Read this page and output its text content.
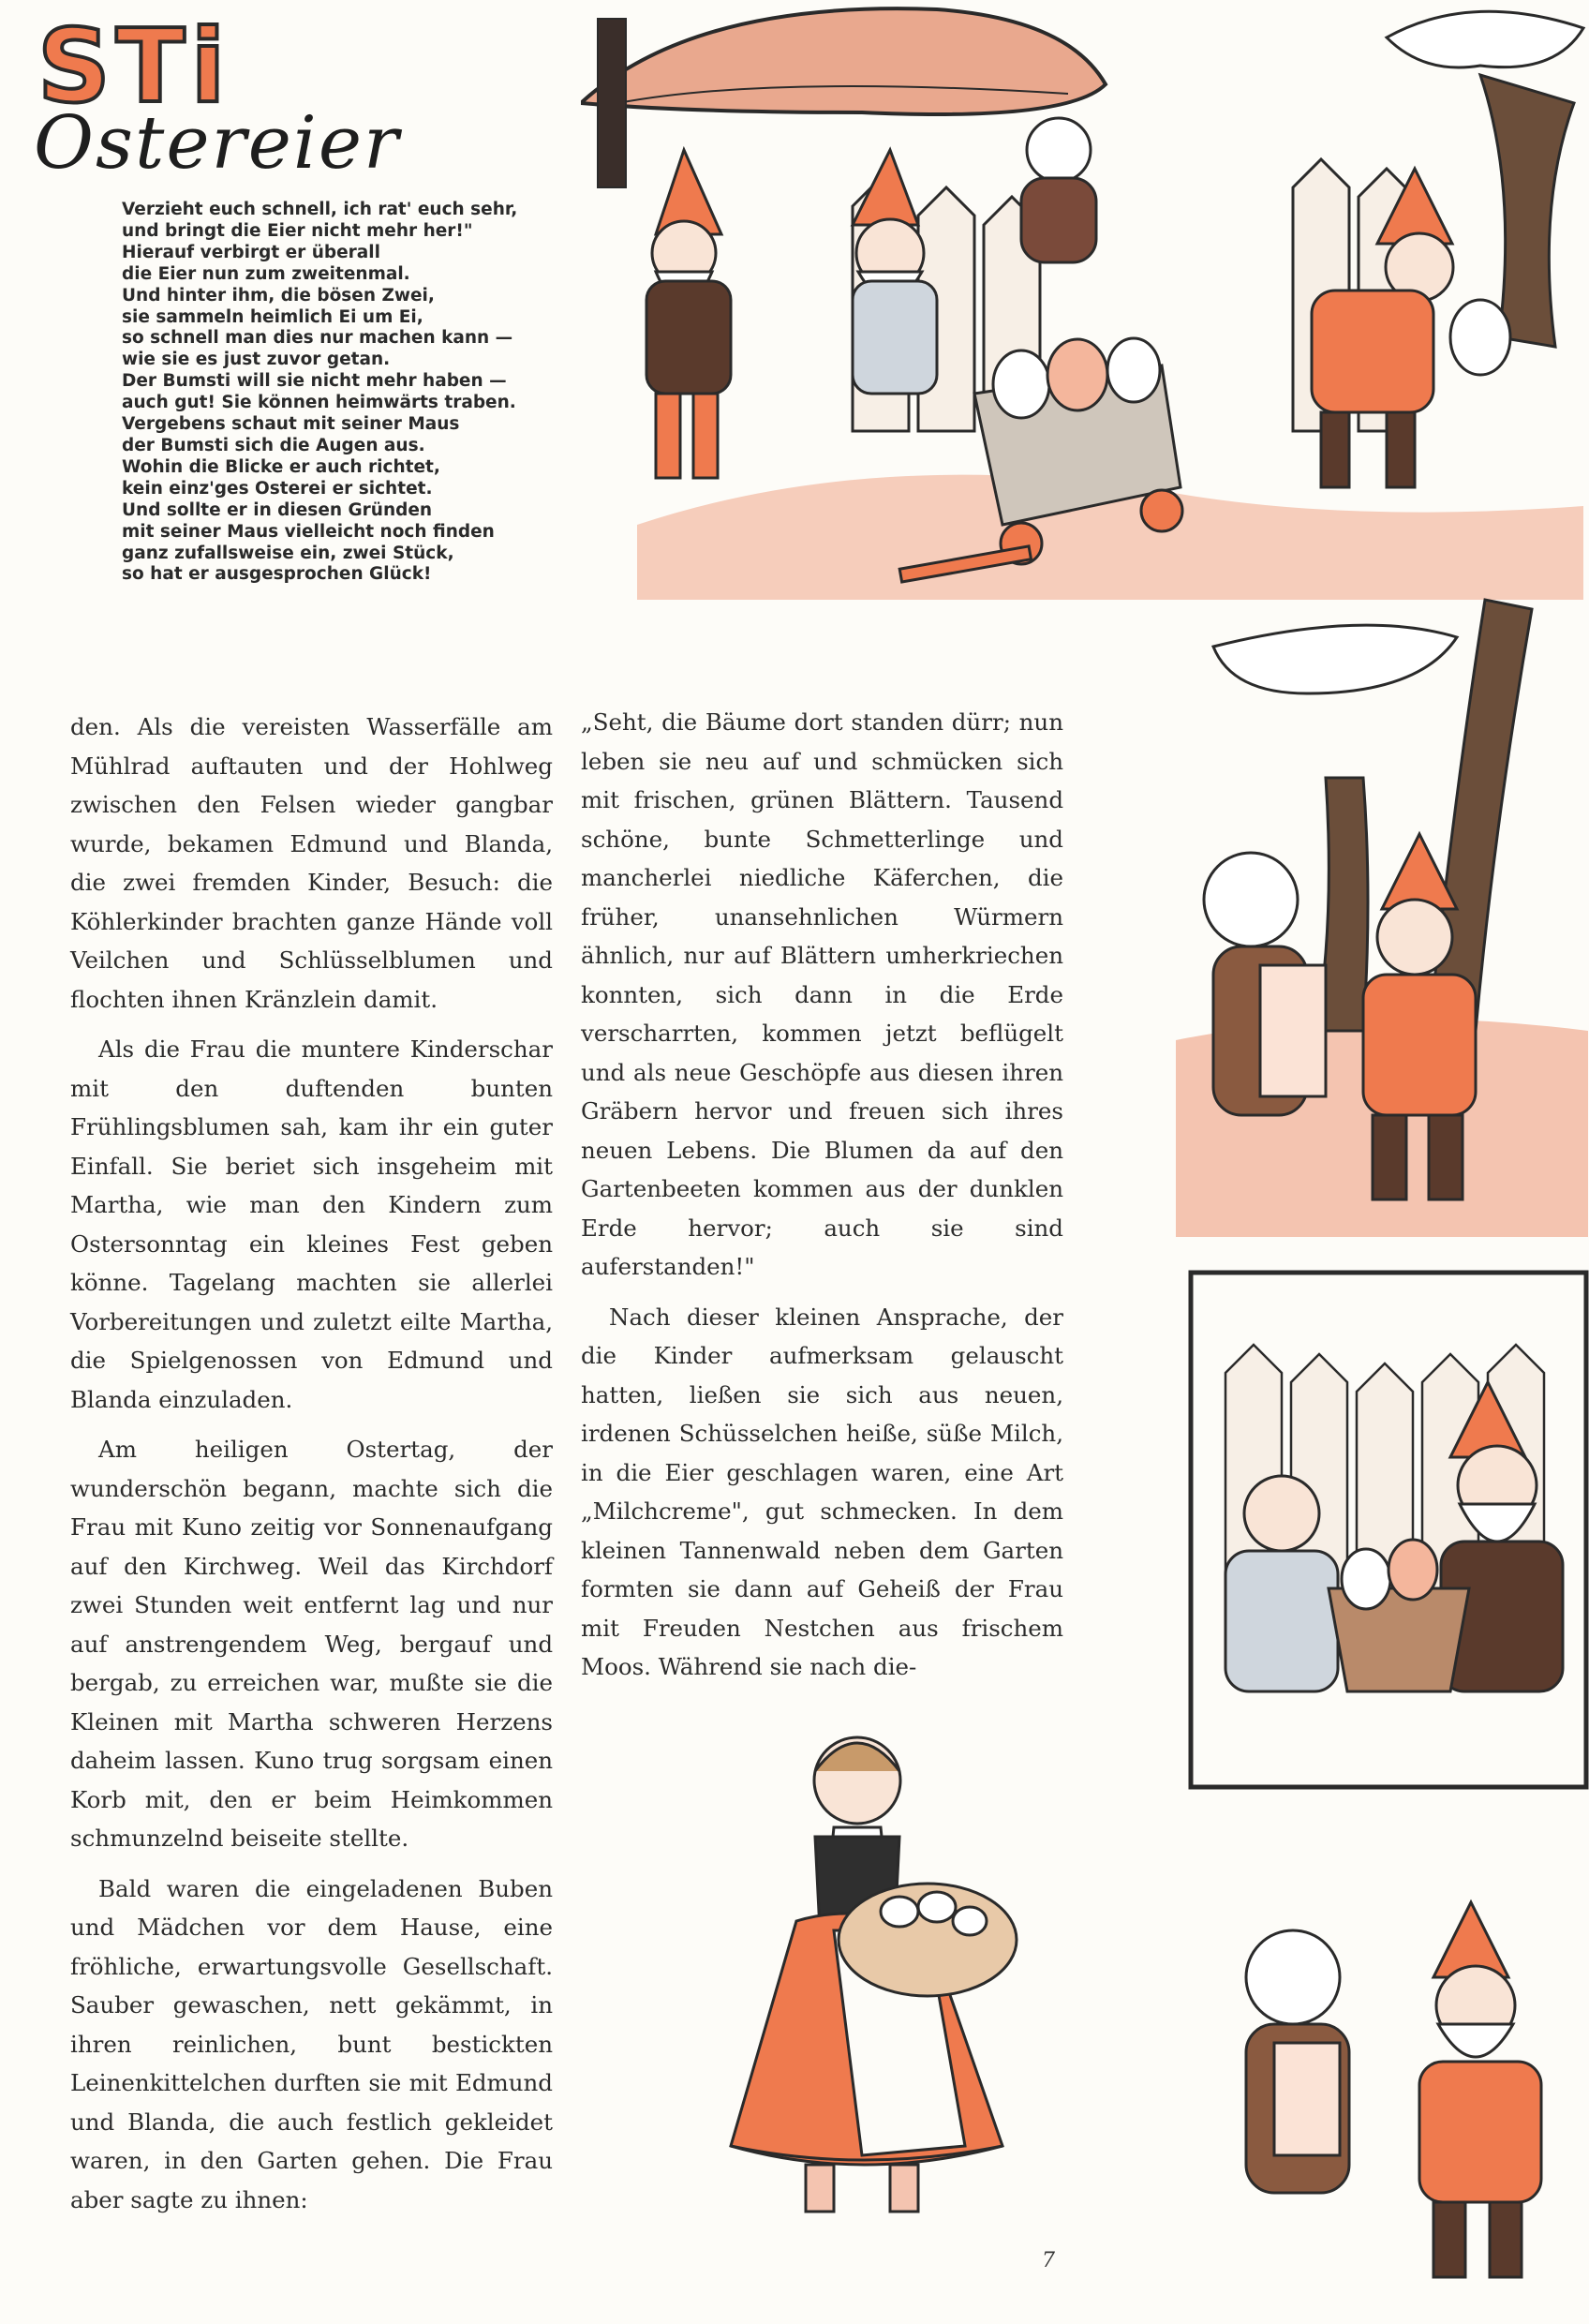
STi
Ostereier
Verzieht euch schnell, ich rat' euch sehr,
und bringt die Eier nicht mehr her!"
Hierauf verbirgt er überall
die Eier nun zum zweitenmal.
Und hinter ihm, die bösen Zwei,
sie sammeln heimlich Ei um Ei,
so schnell man dies nur machen kann —
wie sie es just zuvor getan.
Der Bumsti will sie nicht mehr haben —
auch gut! Sie können heimwärts traben.
Vergebens schaut mit seiner Maus
der Bumsti sich die Augen aus.
Wohin die Blicke er auch richtet,
kein einz'ges Osterei er sichtet.
Und sollte er in diesen Gründen
mit seiner Maus vielleicht noch finden
ganz zufallsweise ein, zwei Stück,
so hat er ausgesprochen Glück!

den. Als die vereisten Wasserfälle am Mühlrad auftauten und der Hohlweg zwischen den Felsen wieder gangbar wurde, bekamen Edmund und Blanda, die zwei fremden Kinder, Besuch: die Köhlerkinder brachten ganze Hände voll Veilchen und Schlüsselblumen und flochten ihnen Kränzlein damit.

Als die Frau die muntere Kinderschar mit den duftenden bunten Frühlingsblumen sah, kam ihr ein guter Einfall. Sie beriet sich insgeheim mit Martha, wie man den Kindern zum Ostersonntag ein kleines Fest geben könne. Tagelang machten sie allerlei Vorbereitungen und zuletzt eilte Martha, die Spielgenossen von Edmund und Blanda einzuladen.

Am heiligen Ostertag, der wunderschön begann, machte sich die Frau mit Kuno zeitig vor Sonnenaufgang auf den Kirchweg. Weil das Kirchdorf zwei Stunden weit entfernt lag und nur auf anstrengendem Weg, bergauf und bergab, zu erreichen war, mußte sie die Kleinen mit Martha schweren Herzens daheim lassen. Kuno trug sorgsam einen Korb mit, den er beim Heimkommen schmunzelnd beiseite stellte.

Bald waren die eingeladenen Buben und Mädchen vor dem Hause, eine fröhliche, erwartungsvolle Gesellschaft. Sauber gewaschen, nett gekämmt, in ihren reinlichen, bunt bestickten Leinenkittelchen durften sie mit Edmund und Blanda, die auch festlich gekleidet waren, in den Garten gehen. Die Frau aber sagte zu ihnen:

„Seht, die Bäume dort standen dürr; nun leben sie neu auf und schmücken sich mit frischen, grünen Blättern. Tausend schöne, bunte Schmetterlinge und mancherlei niedliche Käferchen, die früher, unansehnlichen Würmern ähnlich, nur auf Blättern umherkriechen konnten, sich dann in die Erde verscharrten, kommen jetzt beflügelt und als neue Geschöpfe aus diesen ihren Gräbern hervor und freuen sich ihres neuen Lebens. Die Blumen da auf den Gartenbeeten kommen aus der dunklen Erde hervor; auch sie sind auferstanden!"

Nach dieser kleinen Ansprache, der die Kinder aufmerksam gelauscht hatten, ließen sie sich aus neuen, irdenen Schüsselchen heiße, süße Milch, in die Eier geschlagen waren, eine Art „Milchcreme", gut schmecken. In dem kleinen Tannenwald neben dem Garten formten sie dann auf Geheiß der Frau mit Freuden Nestchen aus frischem Moos. Während sie nach die-

7
